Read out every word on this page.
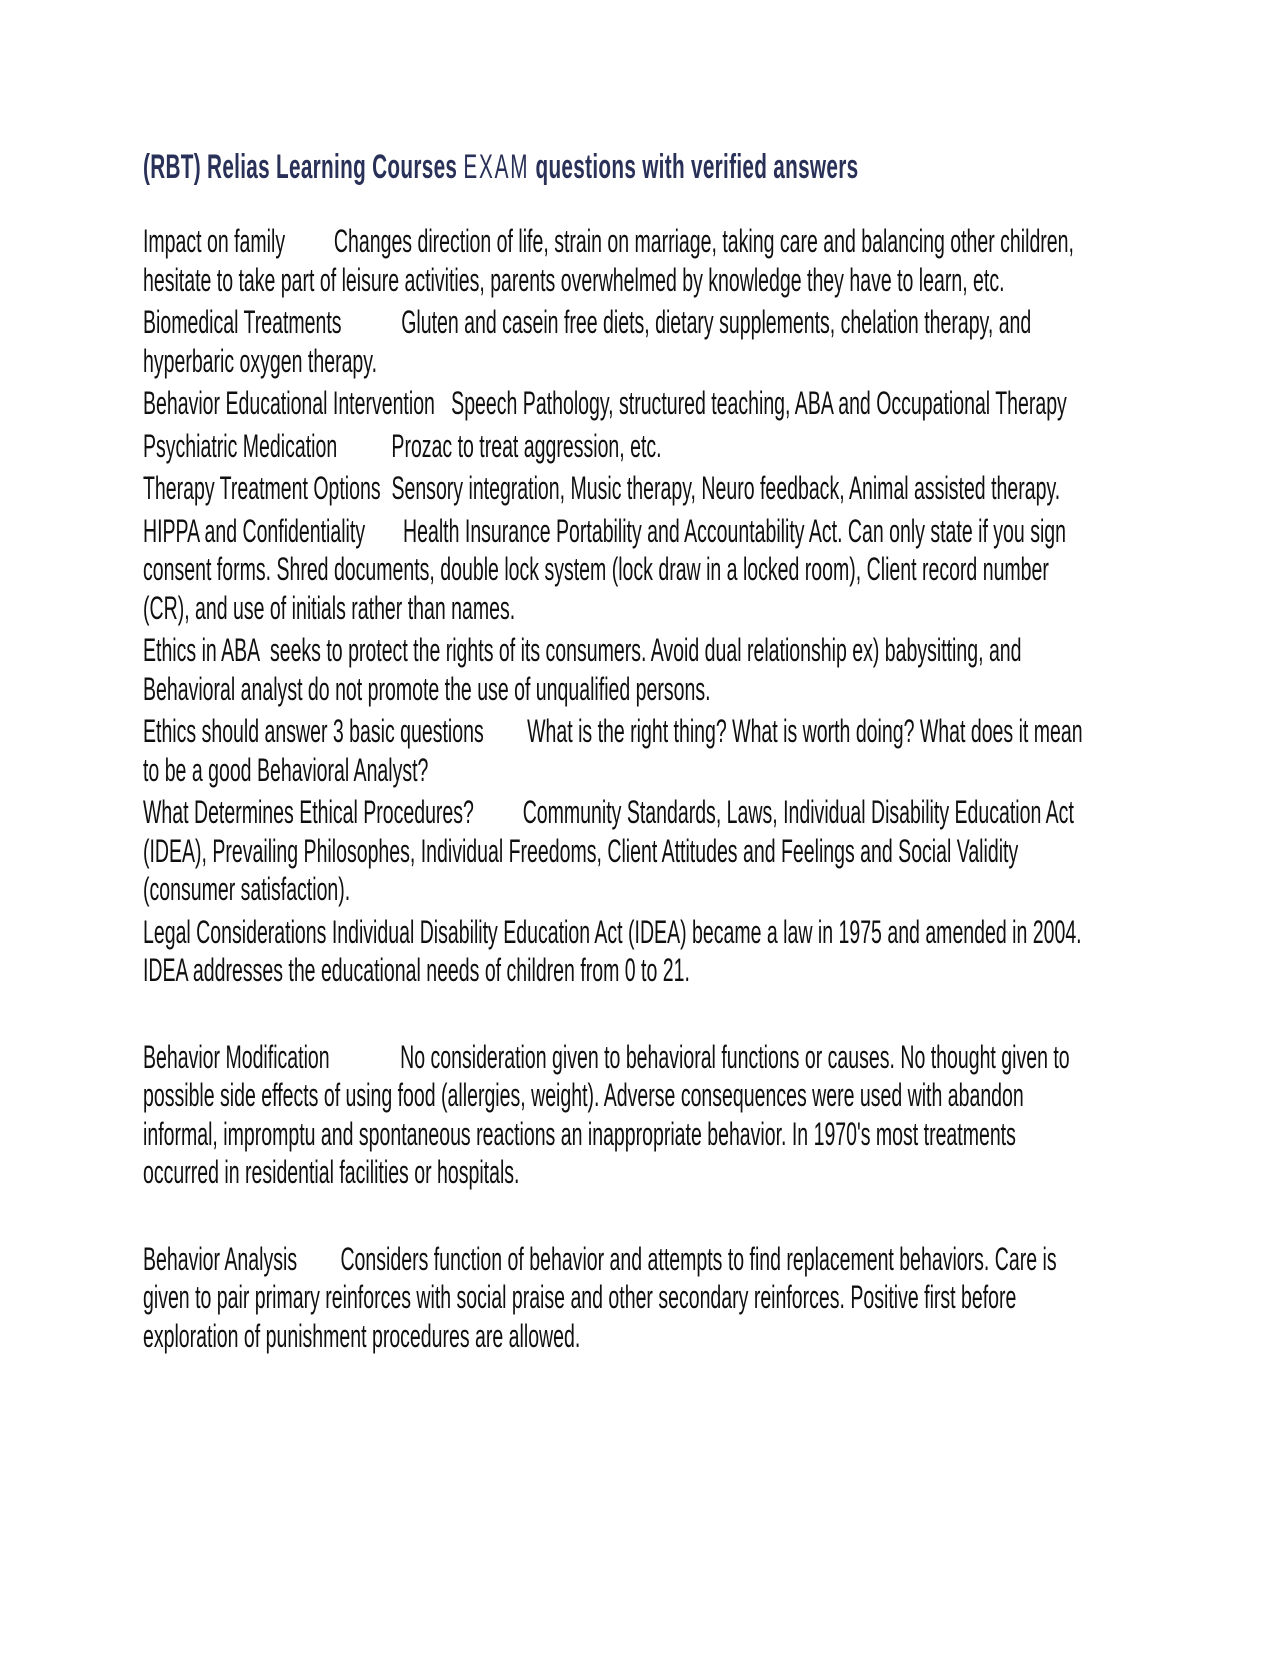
(RBT) Relias Learning Courses EXAM questions with verified answers

Impact on family         Changes direction of life, strain on marriage, taking care and balancing other children, hesitate to take part of leisure activities, parents overwhelmed by knowledge they have to learn, etc.

Biomedical Treatments           Gluten and casein free diets, dietary supplements, chelation therapy, and hyperbaric oxygen therapy.

Behavior Educational Intervention   Speech Pathology, structured teaching, ABA and Occupational Therapy

Psychiatric Medication          Prozac to treat aggression, etc.

Therapy Treatment Options  Sensory integration, Music therapy, Neuro feedback, Animal assisted therapy.

HIPPA and Confidentiality       Health Insurance Portability and Accountability Act. Can only state if you sign consent forms. Shred documents, double lock system (lock draw in a locked room), Client record number (CR), and use of initials rather than names.

Ethics in ABA  seeks to protect the rights of its consumers. Avoid dual relationship ex) babysitting, and Behavioral analyst do not promote the use of unqualified persons.

Ethics should answer 3 basic questions        What is the right thing? What is worth doing? What does it mean to be a good Behavioral Analyst?

What Determines Ethical Procedures?         Community Standards, Laws, Individual Disability Education Act (IDEA), Prevailing Philosophes, Individual Freedoms, Client Attitudes and Feelings and Social Validity (consumer satisfaction).

Legal Considerations Individual Disability Education Act (IDEA) became a law in 1975 and amended in 2004. IDEA addresses the educational needs of children from 0 to 21.

Behavior Modification             No consideration given to behavioral functions or causes. No thought given to possible side effects of using food (allergies, weight). Adverse consequences were used with abandon informal, impromptu and spontaneous reactions an inappropriate behavior. In 1970's most treatments occurred in residential facilities or hospitals.

Behavior Analysis        Considers function of behavior and attempts to find replacement behaviors. Care is given to pair primary reinforces with social praise and other secondary reinforces. Positive first before exploration of punishment procedures are allowed.
